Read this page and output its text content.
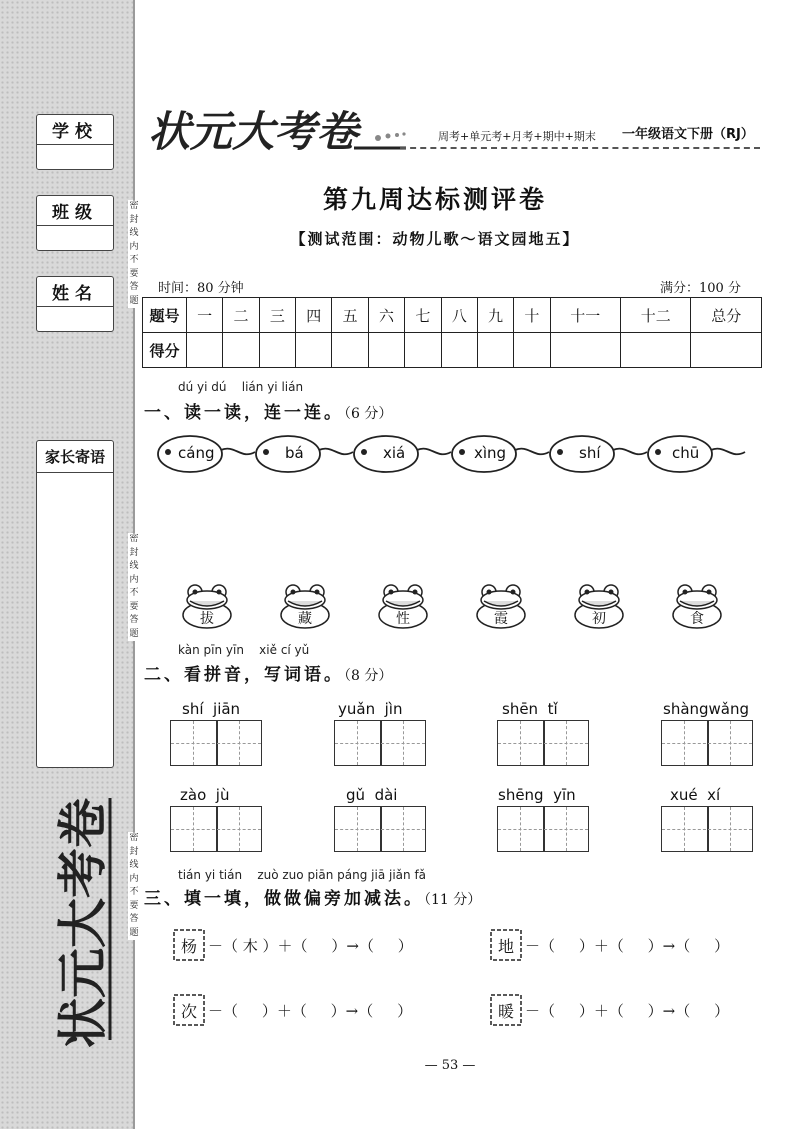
学校
班级
姓名
家长寄语
密
封
线
内
不
要
答
题
密
封
线
内
不
要
答
题
密
封
线
内
不
要
答
题
状元大考卷
状元大考卷	周考+单元考+月考+期中+期末 一年级语文下册（RJ）
第九周达标测评卷
【测试范围：动物儿歌～语文园地五】
时间：80 分钟	满分：100 分
题号	一	二	三	四	五	六	七	八	九	十	十一	十二	总分
得分													
dú yi dú    lián yi lián
一、读一读，连一连。（6 分）
cáng	bá	xiá	xìng	shí	chū
拔	藏	性	霞	初	食
kàn pīn yīn    xiě cí yǔ
二、看拼音，写词语。（8 分）
shí  jiān	yuǎn  jìn	shēn  tǐ	shàngwǎng
zào  jù	gǔ  dài	shēng  yīn	xué  xí
tián yi tián    zuò zuo piān páng jiā jiǎn fǎ
三、填一填，做做偏旁加减法。（11 分）
杨 －（ 木 ）＋（     ）→（     ）	地 －（     ）＋（     ）→（     ）
次 －（     ）＋（     ）→（     ）	暖 －（     ）＋（     ）→（     ）
— 53 —
